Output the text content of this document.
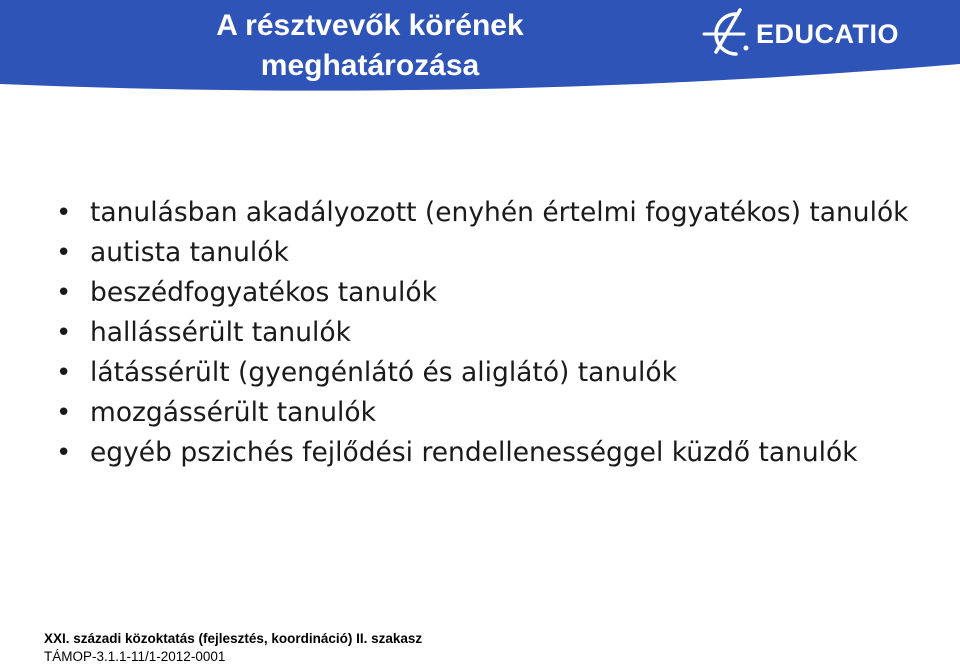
A résztvevők körének
meghatározása
EDUCATIO
• tanulásban akadályozott (enyhén értelmi fogyatékos) tanulók
• autista tanulók
• beszédfogyatékos tanulók
• hallássérült tanulók
• látássérült (gyengénlátó és aliglátó) tanulók
• mozgássérült tanulók
• egyéb pszichés fejlődési rendellenességgel küzdő tanulók
XXI. századi közoktatás (fejlesztés, koordináció) II. szakasz
TÁMOP-3.1.1-11/1-2012-0001
